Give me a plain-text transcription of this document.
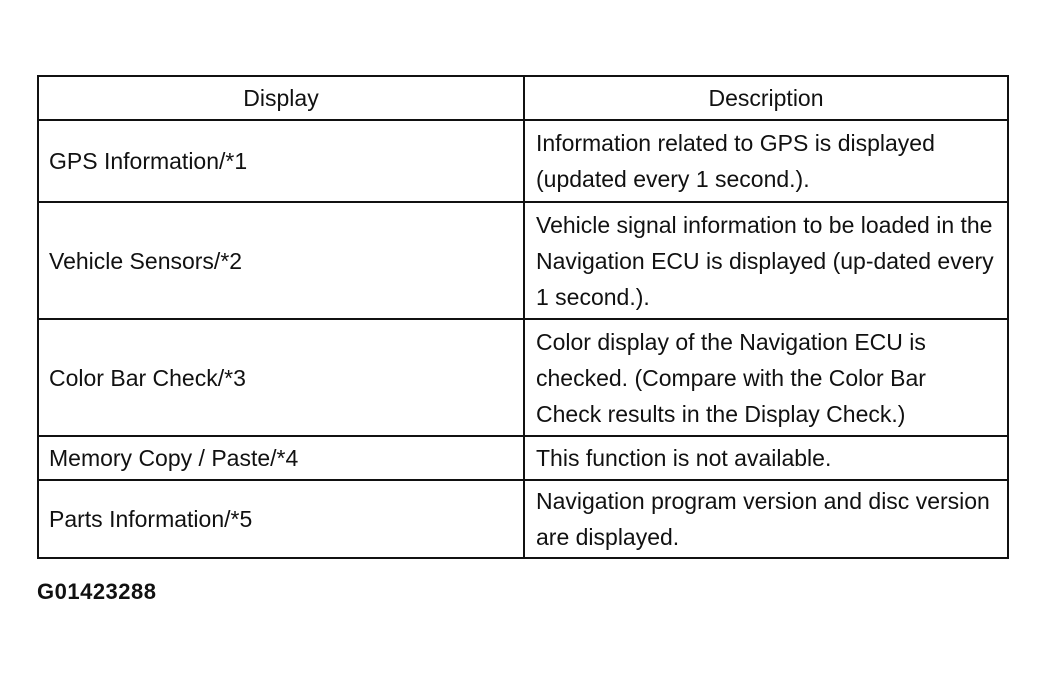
Display	Description
GPS Information/*1	Information related to GPS is displayed (updated every 1 second.).
Vehicle Sensors/*2	Vehicle signal information to be loaded in the Navigation ECU is displayed (up-dated every 1 second.).
Color Bar Check/*3	Color display of the Navigation ECU is checked. (Compare with the Color Bar Check results in the Display Check.)
Memory Copy / Paste/*4	This function is not available.
Parts Information/*5	Navigation program version and disc version are displayed.
G01423288
